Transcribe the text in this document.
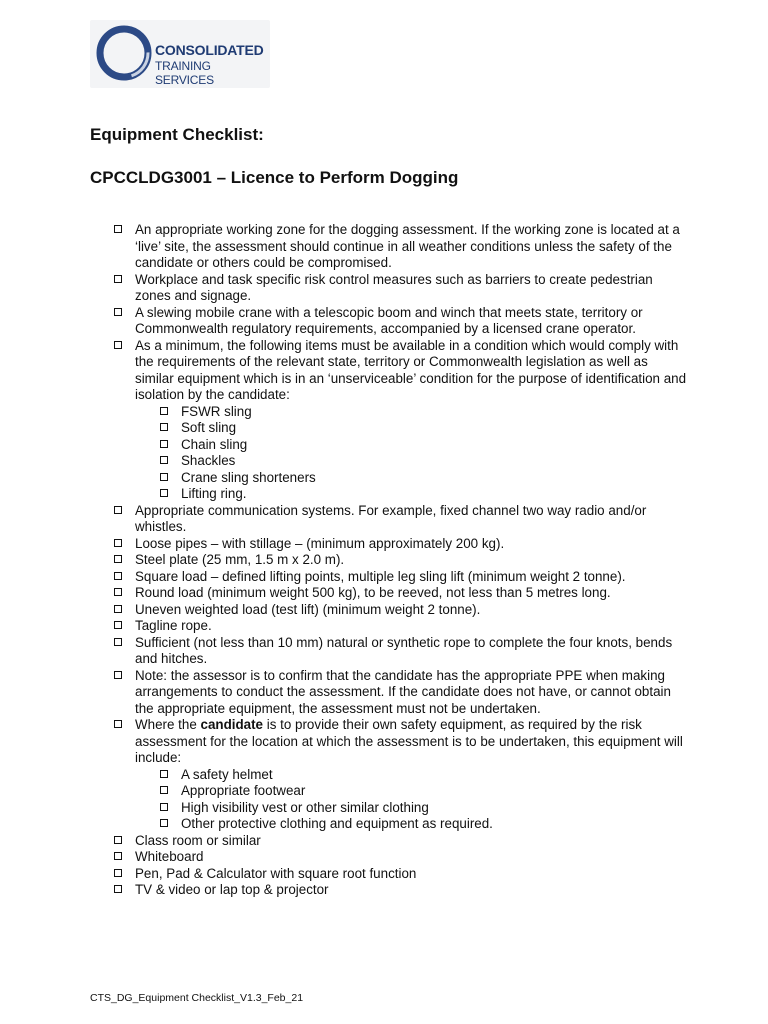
CONSOLIDATED
TRAINING SERVICES
Equipment Checklist:
CPCCLDG3001 – Licence to Perform Dogging
An appropriate working zone for the dogging assessment. If the working zone is located at a ‘live’ site, the assessment should continue in all weather conditions unless the safety of the candidate or others could be compromised.
Workplace and task specific risk control measures such as barriers to create pedestrian zones and signage.
A slewing mobile crane with a telescopic boom and winch that meets state, territory or Commonwealth regulatory requirements, accompanied by a licensed crane operator.
As a minimum, the following items must be available in a condition which would comply with the requirements of the relevant state, territory or Commonwealth legislation as well as similar equipment which is in an ‘unserviceable’ condition for the purpose of identification and isolation by the candidate:
FSWR sling
Soft sling
Chain sling
Shackles
Crane sling shorteners
Lifting ring.
Appropriate communication systems. For example, fixed channel two way radio and/or whistles.
Loose pipes – with stillage – (minimum approximately 200 kg).
Steel plate (25 mm, 1.5 m x 2.0 m).
Square load – defined lifting points, multiple leg sling lift (minimum weight 2 tonne).
Round load (minimum weight 500 kg), to be reeved, not less than 5 metres long.
Uneven weighted load (test lift) (minimum weight 2 tonne).
Tagline rope.
Sufficient (not less than 10 mm) natural or synthetic rope to complete the four knots, bends and hitches.
Note: the assessor is to confirm that the candidate has the appropriate PPE when making arrangements to conduct the assessment. If the candidate does not have, or cannot obtain the appropriate equipment, the assessment must not be undertaken.
Where the candidate is to provide their own safety equipment, as required by the risk assessment for the location at which the assessment is to be undertaken, this equipment will include:
A safety helmet
Appropriate footwear
High visibility vest or other similar clothing
Other protective clothing and equipment as required.
Class room or similar
Whiteboard
Pen, Pad & Calculator with square root function
TV & video or lap top & projector
CTS_DG_Equipment Checklist_V1.3_Feb_21
